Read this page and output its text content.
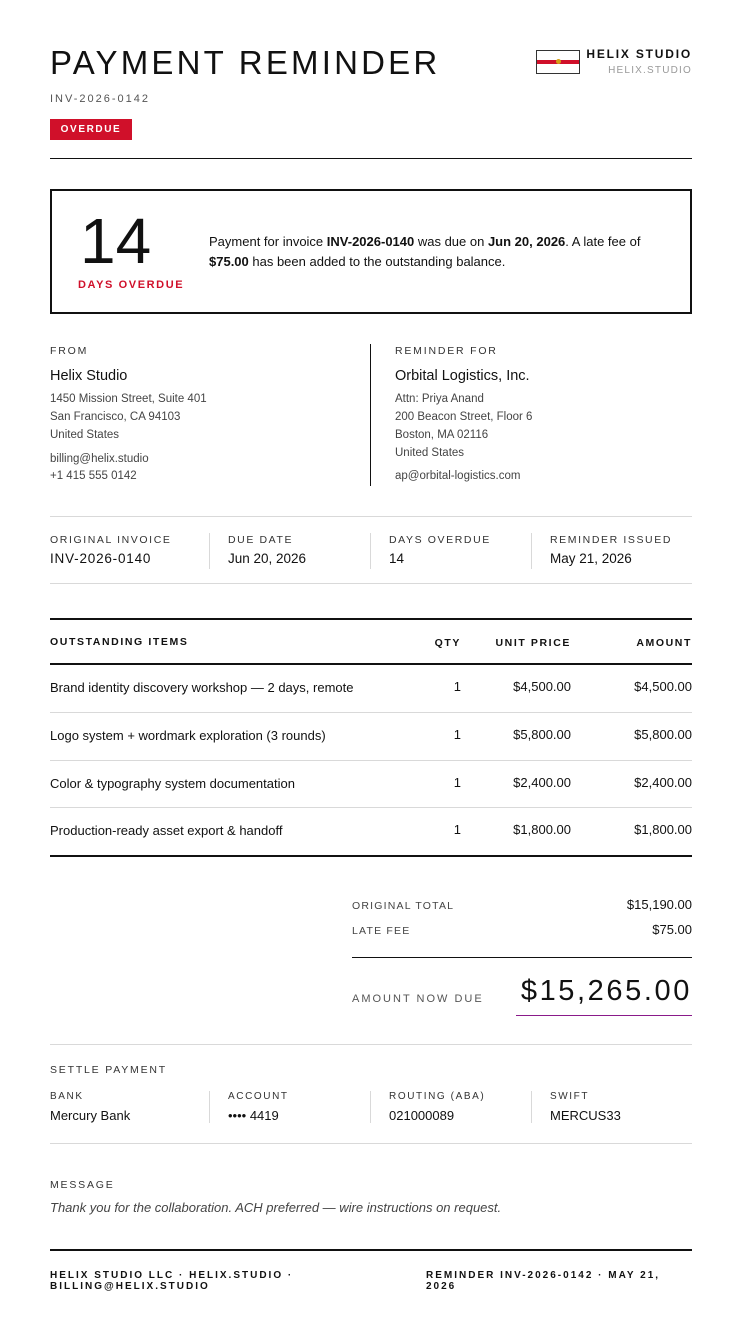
PAYMENT REMINDER
INV-2026-0142
OVERDUE
HELIX STUDIO
HELIX.STUDIO
14
DAYS OVERDUE
Payment for invoice INV-2026-0140 was due on Jun 20, 2026. A late fee of $75.00 has been added to the outstanding balance.
FROM
Helix Studio
1450 Mission Street, Suite 401
San Francisco, CA 94103
United States
billing@helix.studio
+1 415 555 0142
REMINDER FOR
Orbital Logistics, Inc.
Attn: Priya Anand
200 Beacon Street, Floor 6
Boston, MA 02116
United States
ap@orbital-logistics.com
ORIGINAL INVOICE
INV-2026-0140
DUE DATE
Jun 20, 2026
DAYS OVERDUE
14
REMINDER ISSUED
May 21, 2026
OUTSTANDING ITEMS	QTY	UNIT PRICE	AMOUNT
Brand identity discovery workshop — 2 days, remote	1	$4,500.00	$4,500.00
Logo system + wordmark exploration (3 rounds)	1	$5,800.00	$5,800.00
Color & typography system documentation	1	$2,400.00	$2,400.00
Production-ready asset export & handoff	1	$1,800.00	$1,800.00
ORIGINAL TOTAL	$15,190.00
LATE FEE	$75.00
AMOUNT NOW DUE $15,265.00
SETTLE PAYMENT
BANK
Mercury Bank
ACCOUNT
•••• 4419
ROUTING (ABA)
021000089
SWIFT
MERCUS33
MESSAGE
Thank you for the collaboration. ACH preferred — wire instructions on request.
HELIX STUDIO LLC · HELIX.STUDIO ·
BILLING@HELIX.STUDIO
REMINDER INV-2026-0142 · MAY 21,
2026
